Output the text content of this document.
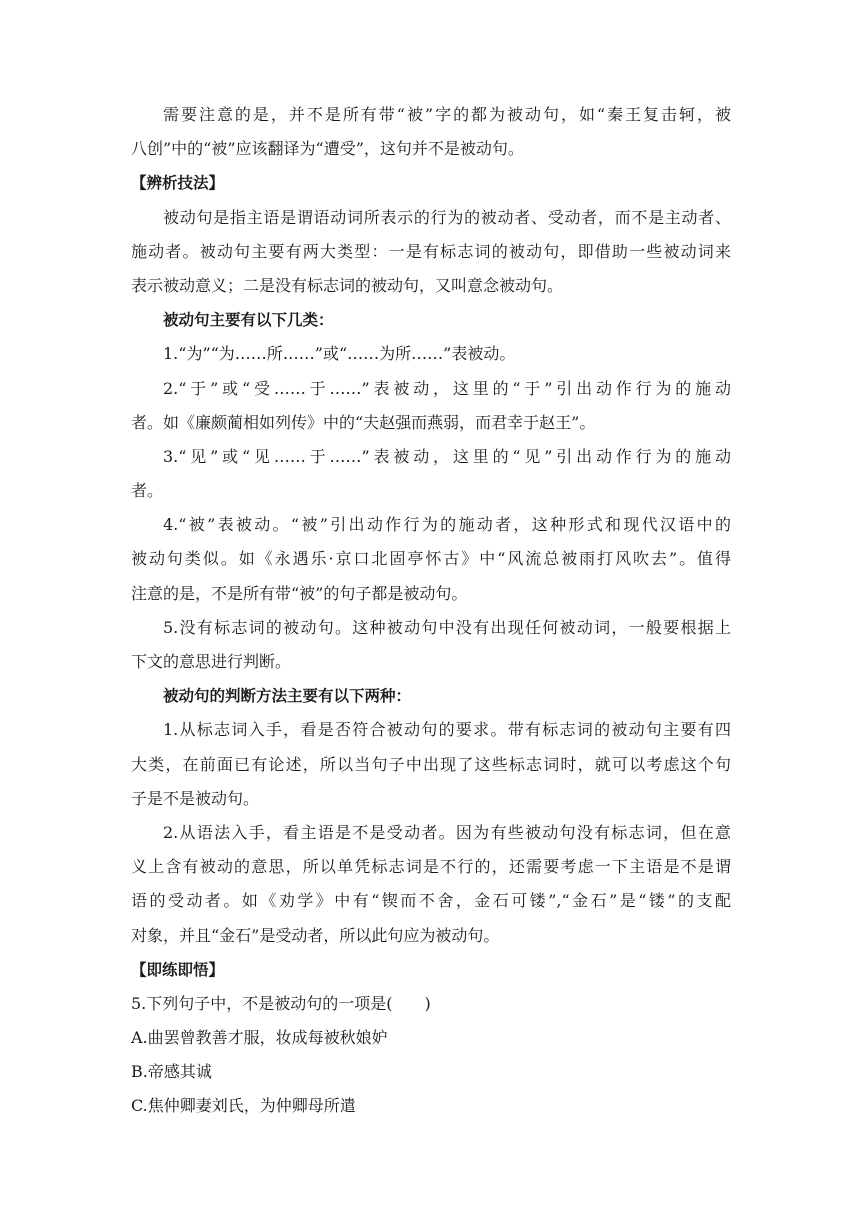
需要注意的是，并不是所有带“被”字的都为被动句，如“秦王复击轲，被
八创”中的“被”应该翻译为“遭受”，这句并不是被动句。
【辨析技法】
被动句是指主语是谓语动词所表示的行为的被动者、受动者，而不是主动者、
施动者。被动句主要有两大类型：一是有标志词的被动句，即借助一些被动词来
表示被动意义；二是没有标志词的被动句，又叫意念被动句。
被动句主要有以下几类：
1.“为”“为……所……”或“……为所……”表被动。
2.“于”或“受……于……”表被动，这里的“于”引出动作行为的施动
者。如《廉颇蔺相如列传》中的“夫赵强而燕弱，而君幸于赵王”。
3.“见”或“见……于……”表被动，这里的“见”引出动作行为的施动
者。
4.“被”表被动。“被”引出动作行为的施动者，这种形式和现代汉语中的
被动句类似。如《永遇乐·京口北固亭怀古》中“风流总被雨打风吹去”。值得
注意的是，不是所有带“被”的句子都是被动句。
5.没有标志词的被动句。这种被动句中没有出现任何被动词，一般要根据上
下文的意思进行判断。
被动句的判断方法主要有以下两种：
1.从标志词入手，看是否符合被动句的要求。带有标志词的被动句主要有四
大类，在前面已有论述，所以当句子中出现了这些标志词时，就可以考虑这个句
子是不是被动句。
2.从语法入手，看主语是不是受动者。因为有些被动句没有标志词，但在意
义上含有被动的意思，所以单凭标志词是不行的，还需要考虑一下主语是不是谓
语的受动者。如《劝学》中有“锲而不舍，金石可镂”,“金石”是“镂”的支配
对象，并且“金石”是受动者，所以此句应为被动句。
【即练即悟】
5.下列句子中，不是被动句的一项是(　　)
A.曲罢曾教善才服，妆成每被秋娘妒
B.帝感其诚
C.焦仲卿妻刘氏，为仲卿母所遣
